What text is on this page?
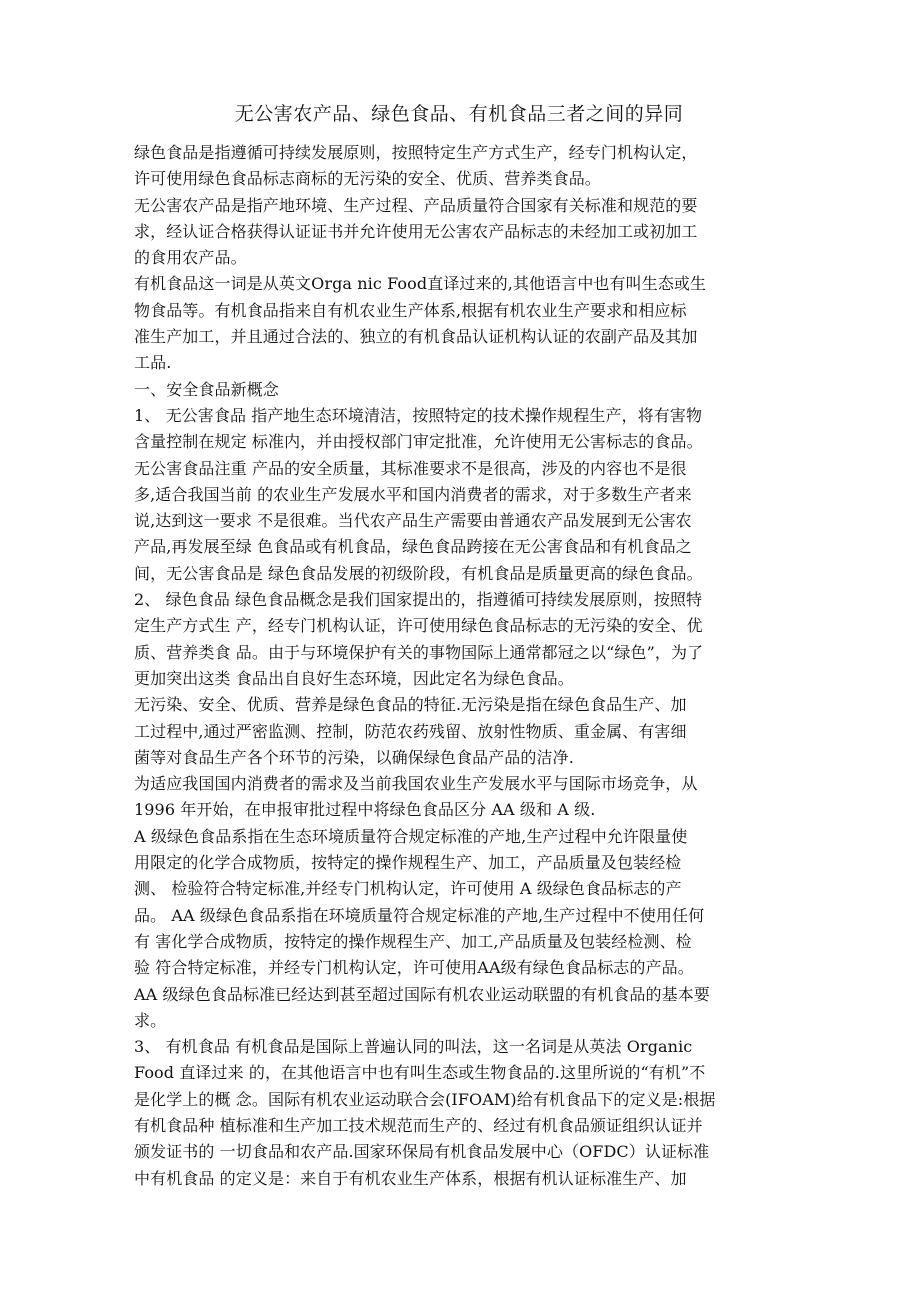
无公害农产品、绿色食品、有机食品三者之间的异同
绿色食品是指遵循可持续发展原则，按照特定生产方式生产，经专门机构认定，
许可使用绿色食品标志商标的无污染的安全、优质、营养类食品。
无公害农产品是指产地环境、生产过程、产品质量符合国家有关标准和规范的要
求，经认证合格获得认证证书并允许使用无公害农产品标志的未经加工或初加工
的食用农产品。
有机食品这一词是从英文Orga nic Food直译过来的,其他语言中也有叫生态或生
物食品等。有机食品指来自有机农业生产体系,根据有机农业生产要求和相应标
准生产加工，并且通过合法的、独立的有机食品认证机构认证的农副产品及其加
工品.
一、安全食品新概念
1、 无公害食品 指产地生态环境清洁，按照特定的技术操作规程生产，将有害物
含量控制在规定 标准内，并由授权部门审定批准，允许使用无公害标志的食品。
无公害食品注重 产品的安全质量，其标准要求不是很高，涉及的内容也不是很
多,适合我国当前 的农业生产发展水平和国内消费者的需求，对于多数生产者来
说,达到这一要求 不是很难。当代农产品生产需要由普通农产品发展到无公害农
产品,再发展至绿 色食品或有机食品，绿色食品跨接在无公害食品和有机食品之
间，无公害食品是 绿色食品发展的初级阶段，有机食品是质量更高的绿色食品。
2、 绿色食品 绿色食品概念是我们国家提出的，指遵循可持续发展原则，按照特
定生产方式生 产，经专门机构认证，许可使用绿色食品标志的无污染的安全、优
质、营养类食 品。由于与环境保护有关的事物国际上通常都冠之以“绿色”，为了
更加突出这类 食品出自良好生态环境，因此定名为绿色食品。
无污染、安全、优质、营养是绿色食品的特征.无污染是指在绿色食品生产、加
工过程中,通过严密监测、控制，防范农药残留、放射性物质、重金属、有害细
菌等对食品生产各个环节的污染，以确保绿色食品产品的洁净.
为适应我国国内消费者的需求及当前我国农业生产发展水平与国际市场竞争，从
1996 年开始，在申报审批过程中将绿色食品区分 AA 级和 A 级.
A 级绿色食品系指在生态环境质量符合规定标准的产地,生产过程中允许限量使
用限定的化学合成物质，按特定的操作规程生产、加工，产品质量及包装经检
测、 检验符合特定标准,并经专门机构认定，许可使用 A 级绿色食品标志的产
品。 AA 级绿色食品系指在环境质量符合规定标准的产地,生产过程中不使用任何
有 害化学合成物质，按特定的操作规程生产、加工,产品质量及包装经检测、检
验 符合特定标准，并经专门机构认定，许可使用AA级有绿色食品标志的产品。
AA 级绿色食品标准已经达到甚至超过国际有机农业运动联盟的有机食品的基本要
求。
3、 有机食品 有机食品是国际上普遍认同的叫法，这一名词是从英法 Organic
Food 直译过来 的，在其他语言中也有叫生态或生物食品的.这里所说的“有机”不
是化学上的概 念。国际有机农业运动联合会(IFOAM)给有机食品下的定义是:根据
有机食品种 植标准和生产加工技术规范而生产的、经过有机食品颁证组织认证并
颁发证书的 一切食品和农产品.国家环保局有机食品发展中心（OFDC）认证标准
中有机食品 的定义是：来自于有机农业生产体系，根据有机认证标准生产、加
